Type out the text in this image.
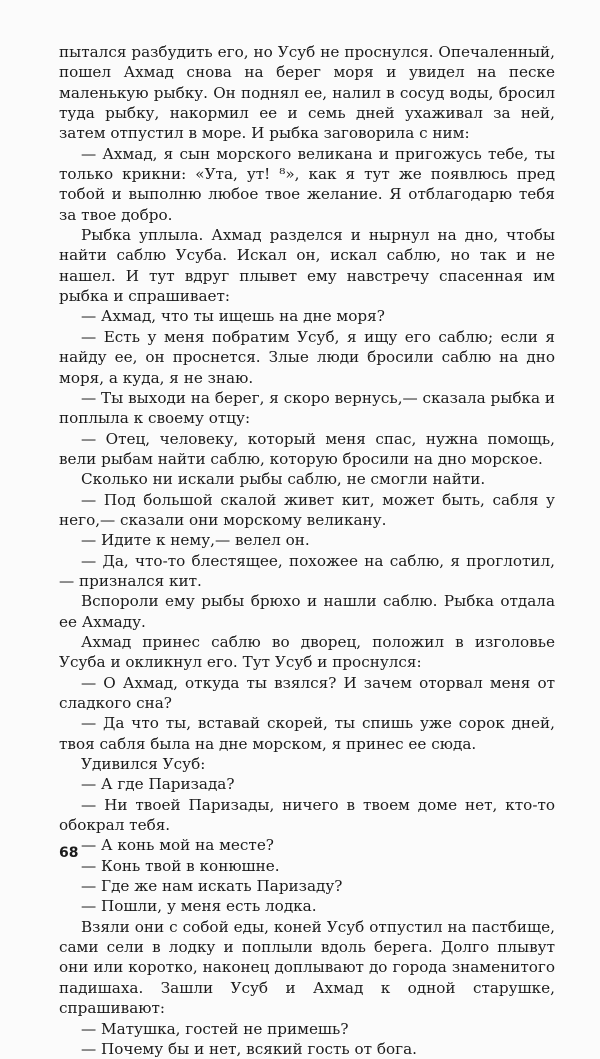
пытался разбудить его, но Усуб не проснулся. Опечаленный, пошел Ахмад снова на берег моря и увидел на песке маленькую рыбку. Он поднял ее, налил в сосуд воды, бросил туда рыбку, накормил ее и семь дней ухаживал за ней, затем отпустил в море. И рыбка заговорила с ним:

— Ахмад, я сын морского великана и пригожусь тебе, ты только крикни: «Ута, ут! ⁸», как я тут же появлюсь пред тобой и выполню любое твое желание. Я отблагодарю тебя за твое добро.

Рыбка уплыла. Ахмад разделся и нырнул на дно, чтобы найти саблю Усуба. Искал он, искал саблю, но так и не нашел. И тут вдруг плывет ему навстречу спасенная им рыбка и спрашивает:

— Ахмад, что ты ищешь на дне моря?

— Есть у меня побратим Усуб, я ищу его саблю; если я найду ее, он проснется. Злые люди бросили саблю на дно моря, а куда, я не знаю.

— Ты выходи на берег, я скоро вернусь,— сказала рыбка и поплыла к своему отцу:

— Отец, человеку, который меня спас, нужна помощь, вели рыбам найти саблю, которую бросили на дно морское.

Сколько ни искали рыбы саблю, не смогли найти.

— Под большой скалой живет кит, может быть, сабля у него,— сказали они морскому великану.

— Идите к нему,— велел он.

— Да, что-то блестящее, похожее на саблю, я проглотил,— признался кит.

Вспороли ему рыбы брюхо и нашли саблю. Рыбка отдала ее Ахмаду.

Ахмад принес саблю во дворец, положил в изголовье Усуба и окликнул его. Тут Усуб и проснулся:

— О Ахмад, откуда ты взялся? И зачем оторвал меня от сладкого сна?

— Да что ты, вставай скорей, ты спишь уже сорок дней, твоя сабля была на дне морском, я принес ее сюда.

Удивился Усуб:

— А где Паризада?

— Ни твоей Паризады, ничего в твоем доме нет, кто-то обокрал тебя.

— А конь мой на месте?

— Конь твой в конюшне.

— Где же нам искать Паризаду?

— Пошли, у меня есть лодка.

Взяли они с собой еды, коней Усуб отпустил на пастбище, сами сели в лодку и поплыли вдоль берега. Долго плывут они или коротко, наконец доплывают до города знаменитого падишаха. Зашли Усуб и Ахмад к одной старушке, спрашивают:

— Матушка, гостей не примешь?

— Почему бы и нет, всякий гость от бога.

68
